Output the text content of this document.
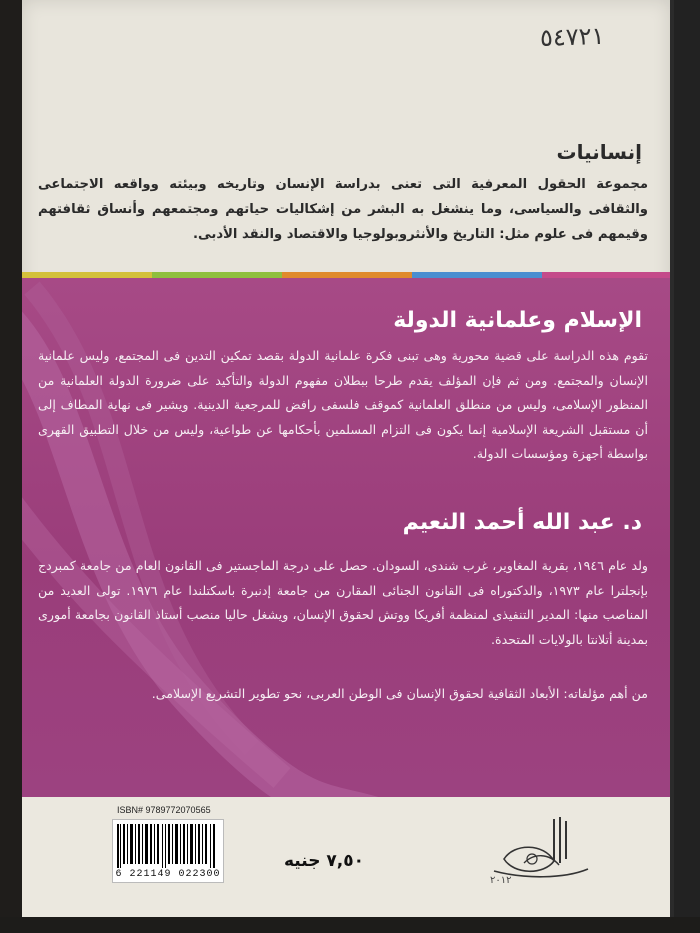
٥٤٧٢١
إنسانيات
مجموعة الحقول المعرفية التى تعنى بدراسة الإنسان وتاريخه وبيئته وواقعه الاجتماعى والثقافى والسياسى، وما ينشغل به البشر من إشكاليات حياتهم ومجتمعهم وأنساق ثقافتهم وقيمهم فى علوم مثل: التاريخ والأنثروبولوجيا والاقتصاد والنقد الأدبى.
الإسلام وعلمانية الدولة
تقوم هذه الدراسة على قضية محورية وهى تبنى فكرة علمانية الدولة بقصد تمكين التدين فى المجتمع، وليس علمانية الإنسان والمجتمع. ومن ثم فإن المؤلف يقدم طرحا ببطلان مفهوم الدولة والتأكيد على ضرورة الدولة العلمانية من المنظور الإسلامى، وليس من منطلق العلمانية كموقف فلسفى رافض للمرجعية الدينية. ويشير فى نهاية المطاف إلى أن مستقبل الشريعة الإسلامية إنما يكون فى التزام المسلمين بأحكامها عن طواعية، وليس من خلال التطبيق القهرى بواسطة أجهزة ومؤسسات الدولة.
د. عبد الله أحمد النعيم
ولد عام ١٩٤٦، بقرية المغاوير، غرب شندى، السودان. حصل على درجة الماجستير فى القانون العام من جامعة كمبردج بإنجلترا عام ١٩٧٣، والدكتوراه فى القانون الجنائى المقارن من جامعة إدنبرة باسكتلندا عام ١٩٧٦. تولى العديد من المناصب منها: المدير التنفيذى لمنظمة أفريكا ووتش لحقوق الإنسان، ويشغل حاليا منصب أستاذ القانون بجامعة أمورى بمدينة أتلانتا بالولايات المتحدة.
من أهم مؤلفاته: الأبعاد الثقافية لحقوق الإنسان فى الوطن العربى، نحو تطوير التشريع الإسلامى.
ISBN# 9789772070565
6 221149 022300
٧,٥٠ جنيه
٢٠١٢
